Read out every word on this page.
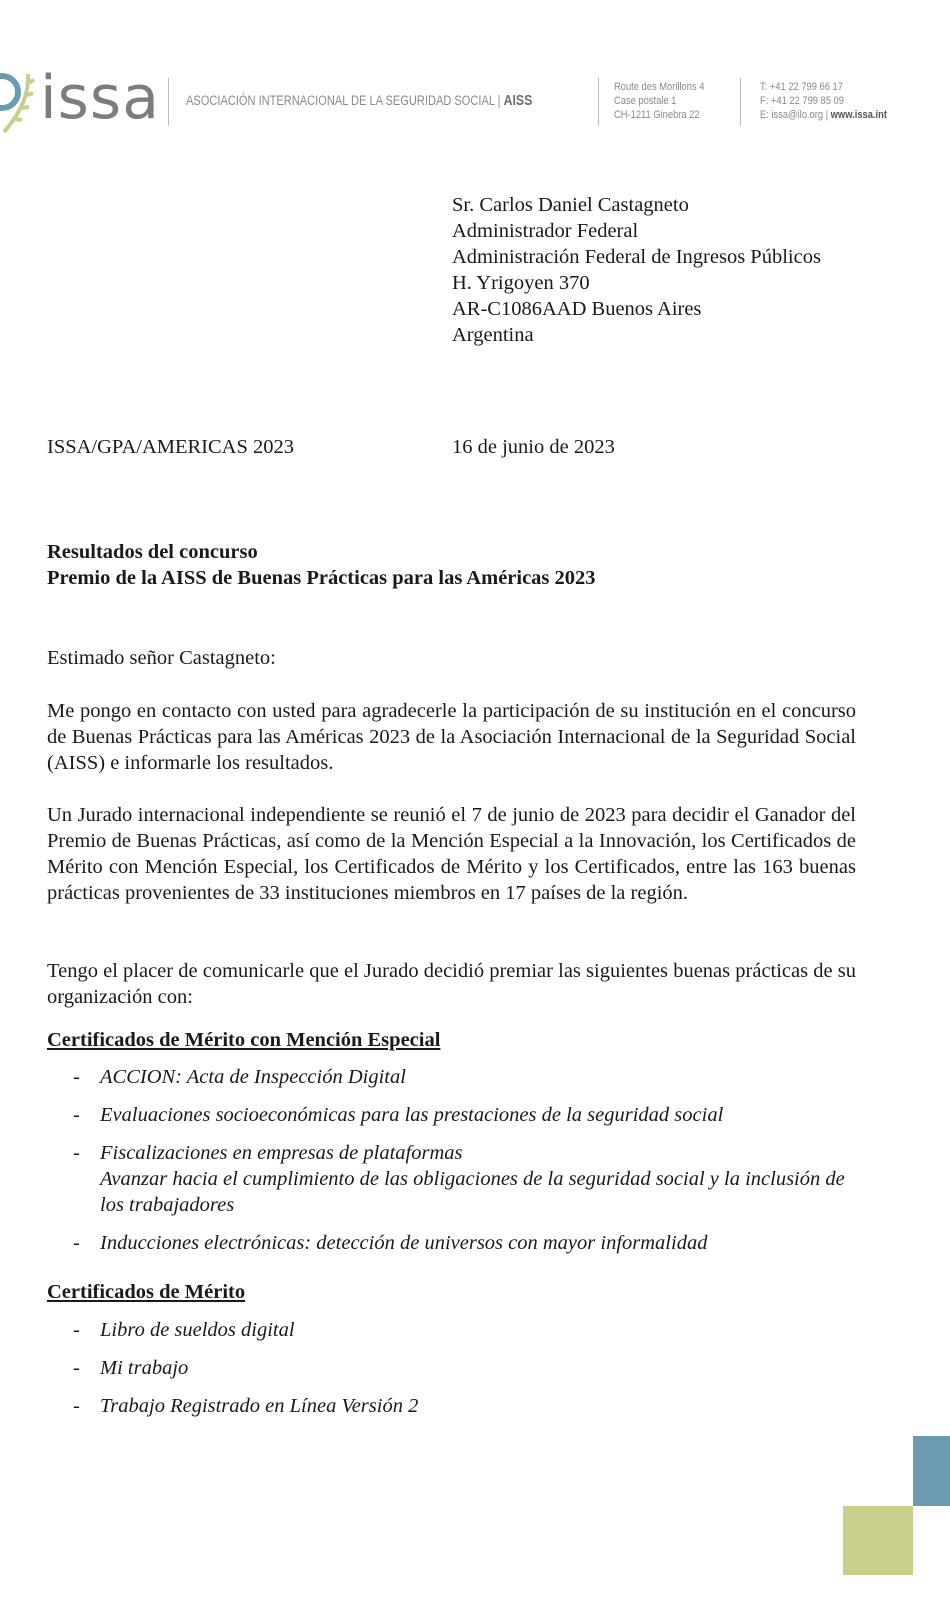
issa ASOCIACIÓN INTERNACIONAL DE LA SEGURIDAD SOCIAL | AISS
Route des Morillons 4
Case postale 1
CH-1211 Ginebra 22
T: +41 22 799 66 17
F: +41 22 799 85 09
E: issa@ilo.org | www.issa.int
Sr. Carlos Daniel Castagneto
Administrador Federal
Administración Federal de Ingresos Públicos
H. Yrigoyen 370
AR-C1086AAD Buenos Aires
Argentina
ISSA/GPA/AMERICAS 2023	16 de junio de 2023
Resultados del concurso
Premio de la AISS de Buenas Prácticas para las Américas 2023
Estimado señor Castagneto:
Me pongo en contacto con usted para agradecerle la participación de su institución en el concurso de Buenas Prácticas para las Américas 2023 de la Asociación Internacional de la Seguridad Social (AISS) e informarle los resultados.
Un Jurado internacional independiente se reunió el 7 de junio de 2023 para decidir el Ganador del Premio de Buenas Prácticas, así como de la Mención Especial a la Innovación, los Certificados de Mérito con Mención Especial, los Certificados de Mérito y los Certificados, entre las 163 buenas prácticas provenientes de 33 instituciones miembros en 17 países de la región.
Tengo el placer de comunicarle que el Jurado decidió premiar las siguientes buenas prácticas de su organización con:
Certificados de Mérito con Mención Especial
- ACCION: Acta de Inspección Digital
- Evaluaciones socioeconómicas para las prestaciones de la seguridad social
- Fiscalizaciones en empresas de plataformas
Avanzar hacia el cumplimiento de las obligaciones de la seguridad social y la inclusión de los trabajadores
- Inducciones electrónicas: detección de universos con mayor informalidad
Certificados de Mérito
- Libro de sueldos digital
- Mi trabajo
- Trabajo Registrado en Línea Versión 2
